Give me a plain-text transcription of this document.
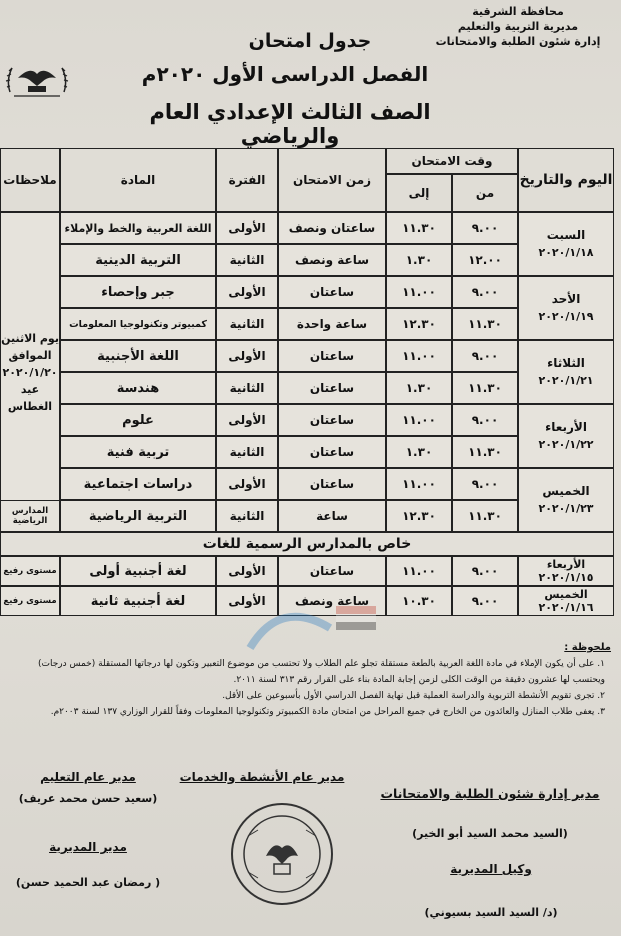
محافظة الشرقية
مديرية التربية والتعليم
إدارة شئون الطلبة والامتحانات
جدول امتحان
الفصل الدراسى الأول ٢٠٢٠م
الصف الثالث الإعدادي العام والرياضي
اليوم والتاريخ
وقت الامتحان
من
إلى
زمن الامتحان
الفترة
المادة
ملاحظات
السبت
٢٠٢٠/١/١٨
الأحد
٢٠٢٠/١/١٩
الثلاثاء
٢٠٢٠/١/٢١
الأربعاء
٢٠٢٠/١/٢٢
الخميس
٢٠٢٠/١/٢٣
٩.٠٠
١١.٣٠
ساعتان ونصف
الأولى
اللغة العربية والخط والإملاء
١٢.٠٠
١.٣٠
ساعة ونصف
الثانية
التربية الدينية
٩.٠٠
١١.٠٠
ساعتان
الأولى
جبر وإحصاء
١١.٣٠
١٢.٣٠
ساعة واحدة
الثانية
كمبيوتر وتكنولوجيا المعلومات
٩.٠٠
١١.٠٠
ساعتان
الأولى
اللغة الأجنبية
١١.٣٠
١.٣٠
ساعتان
الثانية
هندسة
٩.٠٠
١١.٠٠
ساعتان
الأولى
علوم
١١.٣٠
١.٣٠
ساعتان
الثانية
تربية فنية
٩.٠٠
١١.٠٠
ساعتان
الأولى
دراسات اجتماعية
١١.٣٠
١٢.٣٠
ساعة
الثانية
التربية الرياضية
يوم الاثنين
الموافق
٢٠٢٠/١/٢٠
عيد الغطاس
المدارس الرياضية
خاص بالمدارس الرسمية للغات
الأربعاء
٢٠٢٠/١/١٥
٩.٠٠
١١.٠٠
ساعتان
الأولى
لغة أجنبية أولى
مستوى رفيع
الخميس
٢٠٢٠/١/١٦
٩.٠٠
١٠.٣٠
ساعة ونصف
الأولى
لغة أجنبية ثانية
مستوى رفيع
ملحوظة :

١. على أن يكون الإملاء في مادة اللغة العربية بالطعة مستقلة تجلو علم الطلاب ولا تحتسب من موضوع التعبير وتكون لها درجاتها المستقلة (خمس درجات) ويحتسب لها عشرون دقيقة من الوقت الكلى لزمن إجابة المادة بناء على القرار رقم ٣١٣ لسنة ٢٠١١.

٢. تجرى تقويم الأنشطة التربوية والدراسة العملية قبل نهاية الفصل الدراسي الأول بأسبوعين على الأقل.

٣. يعفى طلاب المنازل والعائدون من الخارج في جميع المراحل من امتحان مادة الكمبيوتر وتكنولوجيا المعلومات وفقاً للقرار الوزاري ١٣٧ لسنة ٢٠٠٣م.

مدير عام التعليم
(سعيد حسن محمد عريف)
مدير المديرية
( رمضان عبد الحميد حسن)
مدير عام الأنشطة والخدمات
مدير إدارة شئون الطلبة والامتحانات
(السيد محمد السيد أبو الخير)
وكيل المديرية
(د/ السيد السيد بسيوني)
